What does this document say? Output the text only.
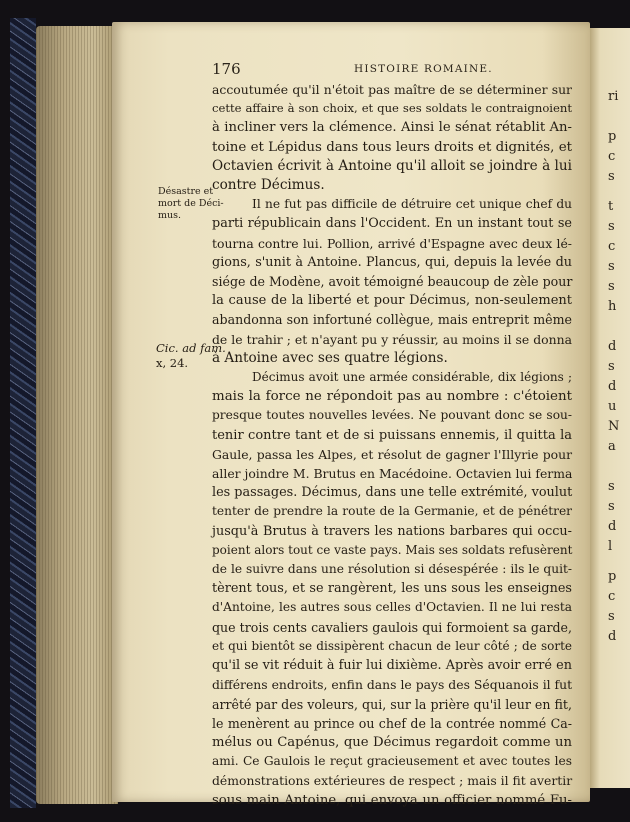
ri
p
c
s
t
s
c
s
s
h
d
s
d
u
N
a
s
s
d
l
p
c
s
d
176	HISTOIRE ROMAINE.
Désastre et
mort de Déci-
mus.
Cic. ad fam.
x, 24.
accoutumée qu'il n'étoit pas maître de se déterminer sur
cette affaire à son choix, et que ses soldats le contraignoient
à incliner vers la clémence. Ainsi le sénat rétablit An-
toine et Lépidus dans tous leurs droits et dignités, et
Octavien écrivit à Antoine qu'il alloit se joindre à lui
contre Décimus.
Il ne fut pas difficile de détruire cet unique chef du
parti républicain dans l'Occident. En un instant tout se
tourna contre lui. Pollion, arrivé d'Espagne avec deux lé-
gions, s'unit à Antoine. Plancus, qui, depuis la levée du
siége de Modène, avoit témoigné beaucoup de zèle pour
la cause de la liberté et pour Décimus, non-seulement
abandonna son infortuné collègue, mais entreprit même
de le trahir ; et n'ayant pu y réussir, au moins il se donna
à Antoine avec ses quatre légions.
Décimus avoit une armée considérable, dix légions ;
mais la force ne répondoit pas au nombre : c'étoient
presque toutes nouvelles levées. Ne pouvant donc se sou-
tenir contre tant et de si puissans ennemis, il quitta la
Gaule, passa les Alpes, et résolut de gagner l'Illyrie pour
aller joindre M. Brutus en Macédoine. Octavien lui ferma
les passages. Décimus, dans une telle extrémité, voulut
tenter de prendre la route de la Germanie, et de pénétrer
jusqu'à Brutus à travers les nations barbares qui occu-
poient alors tout ce vaste pays. Mais ses soldats refusèrent
de le suivre dans une résolution si désespérée : ils le quit-
tèrent tous, et se rangèrent, les uns sous les enseignes
d'Antoine, les autres sous celles d'Octavien. Il ne lui resta
que trois cents cavaliers gaulois qui formoient sa garde,
et qui bientôt se dissipèrent chacun de leur côté ; de sorte
qu'il se vit réduit à fuir lui dixième. Après avoir erré en
différens endroits, enfin dans le pays des Séquanois il fut
arrêté par des voleurs, qui, sur la prière qu'il leur en fit,
le menèrent au prince ou chef de la contrée nommé Ca-
mélus ou Capénus, que Décimus regardoit comme un
ami. Ce Gaulois le reçut gracieusement et avec toutes les
démonstrations extérieures de respect ; mais il fit avertir
sous main Antoine, qui envoya un officier nommé Fu-
